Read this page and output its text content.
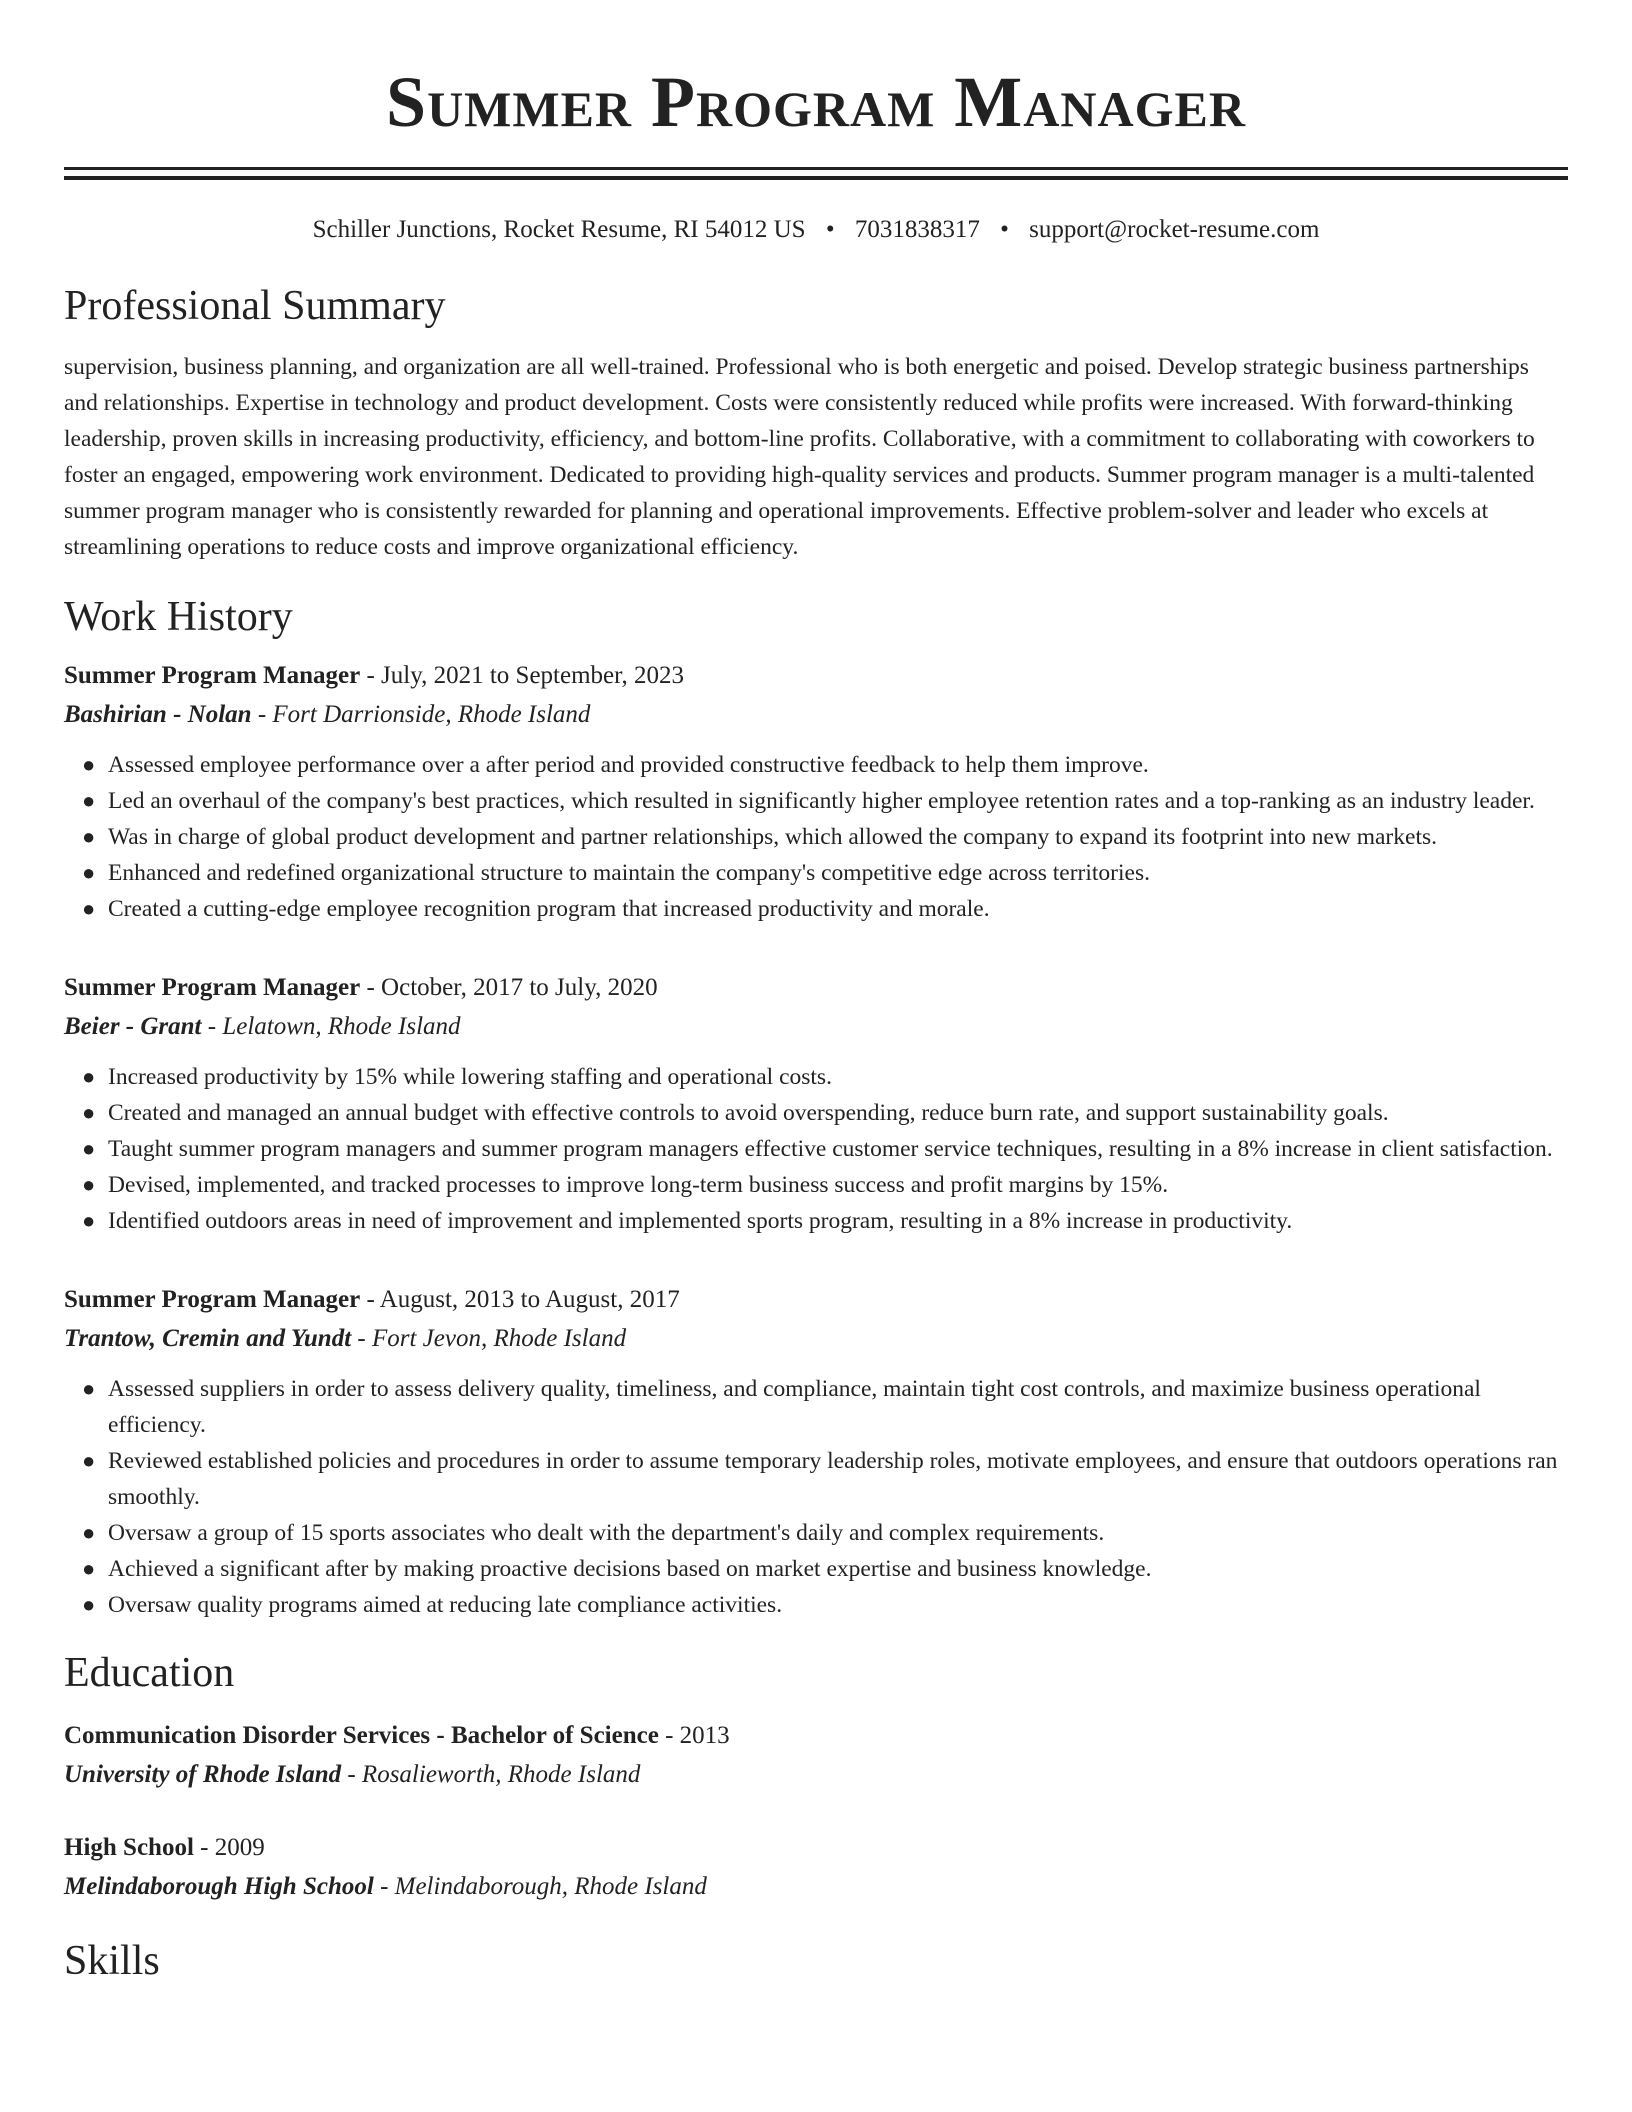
Summer Program Manager
Schiller Junctions, Rocket Resume, RI 54012 US • 7031838317 • support@rocket-resume.com
Professional Summary

supervision, business planning, and organization are all well-trained. Professional who is both energetic and poised. Develop strategic business partnerships and relationships. Expertise in technology and product development. Costs were consistently reduced while profits were increased. With forward-thinking leadership, proven skills in increasing productivity, efficiency, and bottom-line profits. Collaborative, with a commitment to collaborating with coworkers to foster an engaged, empowering work environment. Dedicated to providing high-quality services and products. Summer program manager is a multi-talented summer program manager who is consistently rewarded for planning and operational improvements. Effective problem-solver and leader who excels at streamlining operations to reduce costs and improve organizational efficiency.

Work History
Summer Program Manager - July, 2021 to September, 2023
Bashirian - Nolan - Fort Darrionside, Rhode Island
● Assessed employee performance over a after period and provided constructive feedback to help them improve.
● Led an overhaul of the company's best practices, which resulted in significantly higher employee retention rates and a top-ranking as an industry leader.
● Was in charge of global product development and partner relationships, which allowed the company to expand its footprint into new markets.
● Enhanced and redefined organizational structure to maintain the company's competitive edge across territories.
● Created a cutting-edge employee recognition program that increased productivity and morale.
Summer Program Manager - October, 2017 to July, 2020
Beier - Grant - Lelatown, Rhode Island
● Increased productivity by 15% while lowering staffing and operational costs.
● Created and managed an annual budget with effective controls to avoid overspending, reduce burn rate, and support sustainability goals.
● Taught summer program managers and summer program managers effective customer service techniques, resulting in a 8% increase in client satisfaction.
● Devised, implemented, and tracked processes to improve long-term business success and profit margins by 15%.
● Identified outdoors areas in need of improvement and implemented sports program, resulting in a 8% increase in productivity.
Summer Program Manager - August, 2013 to August, 2017
Trantow, Cremin and Yundt - Fort Jevon, Rhode Island
● Assessed suppliers in order to assess delivery quality, timeliness, and compliance, maintain tight cost controls, and maximize business operational efficiency.
● Reviewed established policies and procedures in order to assume temporary leadership roles, motivate employees, and ensure that outdoors operations ran smoothly.
● Oversaw a group of 15 sports associates who dealt with the department's daily and complex requirements.
● Achieved a significant after by making proactive decisions based on market expertise and business knowledge.
● Oversaw quality programs aimed at reducing late compliance activities.
Education
Communication Disorder Services - Bachelor of Science - 2013
University of Rhode Island - Rosalieworth, Rhode Island
High School - 2009
Melindaborough High School - Melindaborough, Rhode Island
Skills
